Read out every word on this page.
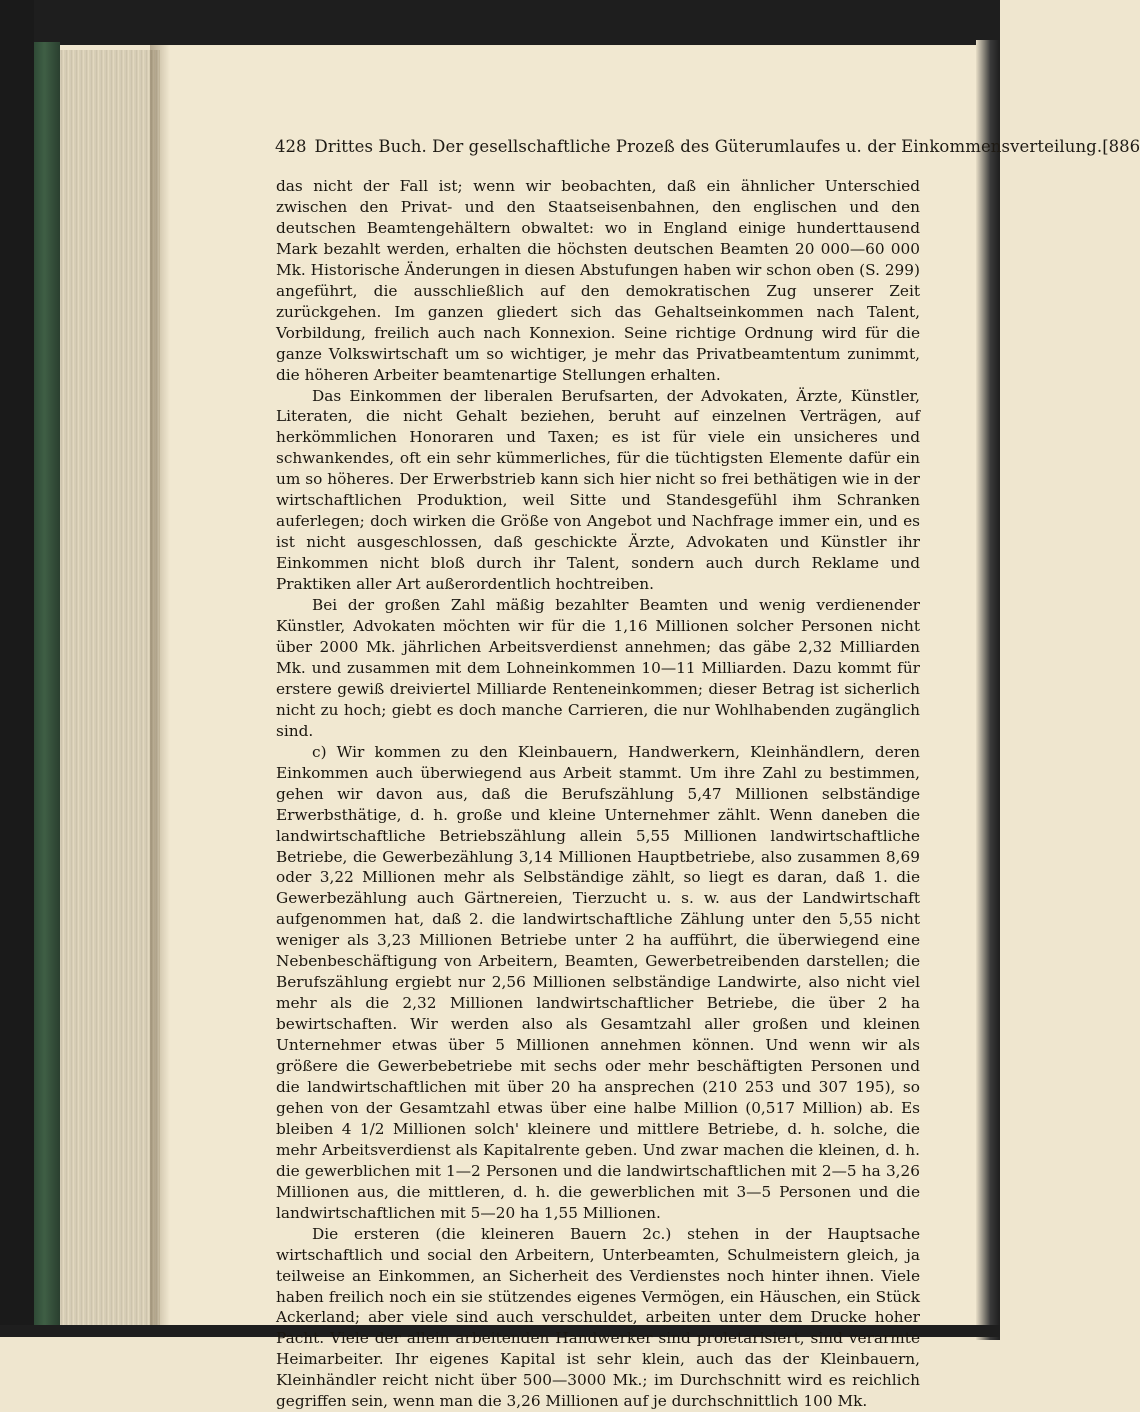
428 Drittes Buch. Der gesellschaftliche Prozeß des Güterumlaufes u. der Einkommensverteilung. [886

das nicht der Fall ist; wenn wir beobachten, daß ein ähnlicher Unterschied zwischen den Privat- und den Staatseisenbahnen, den englischen und den deutschen Beamtengehältern obwaltet: wo in England einige hunderttausend Mark bezahlt werden, erhalten die höchsten deutschen Beamten 20 000—60 000 Mk. Historische Änderungen in diesen Abstufungen haben wir schon oben (S. 299) angeführt, die ausschließlich auf den demokratischen Zug unserer Zeit zurückgehen. Im ganzen gliedert sich das Gehaltseinkommen nach Talent, Vorbildung, freilich auch nach Konnexion. Seine richtige Ordnung wird für die ganze Volkswirtschaft um so wichtiger, je mehr das Privatbeamtentum zunimmt, die höheren Arbeiter beamtenartige Stellungen erhalten.

Das Einkommen der liberalen Berufsarten, der Advokaten, Ärzte, Künstler, Literaten, die nicht Gehalt beziehen, beruht auf einzelnen Verträgen, auf herkömmlichen Honoraren und Taxen; es ist für viele ein unsicheres und schwankendes, oft ein sehr kümmerliches, für die tüchtigsten Elemente dafür ein um so höheres. Der Erwerbstrieb kann sich hier nicht so frei bethätigen wie in der wirtschaftlichen Produktion, weil Sitte und Standesgefühl ihm Schranken auferlegen; doch wirken die Größe von Angebot und Nachfrage immer ein, und es ist nicht ausgeschlossen, daß geschickte Ärzte, Advokaten und Künstler ihr Einkommen nicht bloß durch ihr Talent, sondern auch durch Reklame und Praktiken aller Art außerordentlich hochtreiben.

Bei der großen Zahl mäßig bezahlter Beamten und wenig verdienender Künstler, Advokaten möchten wir für die 1,16 Millionen solcher Personen nicht über 2000 Mk. jährlichen Arbeitsverdienst annehmen; das gäbe 2,32 Milliarden Mk. und zusammen mit dem Lohneinkommen 10—11 Milliarden. Dazu kommt für erstere gewiß dreiviertel Milliarde Renteneinkommen; dieser Betrag ist sicherlich nicht zu hoch; giebt es doch manche Carrieren, die nur Wohlhabenden zugänglich sind.

c) Wir kommen zu den Kleinbauern, Handwerkern, Kleinhändlern, deren Einkommen auch überwiegend aus Arbeit stammt. Um ihre Zahl zu bestimmen, gehen wir davon aus, daß die Berufszählung 5,47 Millionen selbständige Erwerbsthätige, d. h. große und kleine Unternehmer zählt. Wenn daneben die landwirtschaftliche Betriebszählung allein 5,55 Millionen landwirtschaftliche Betriebe, die Gewerbezählung 3,14 Millionen Hauptbetriebe, also zusammen 8,69 oder 3,22 Millionen mehr als Selbständige zählt, so liegt es daran, daß 1. die Gewerbezählung auch Gärtnereien, Tierzucht u. s. w. aus der Landwirtschaft aufgenommen hat, daß 2. die landwirtschaftliche Zählung unter den 5,55 nicht weniger als 3,23 Millionen Betriebe unter 2 ha aufführt, die überwiegend eine Nebenbeschäftigung von Arbeitern, Beamten, Gewerbetreibenden darstellen; die Berufszählung ergiebt nur 2,56 Millionen selbständige Landwirte, also nicht viel mehr als die 2,32 Millionen landwirtschaftlicher Betriebe, die über 2 ha bewirtschaften. Wir werden also als Gesamtzahl aller großen und kleinen Unternehmer etwas über 5 Millionen annehmen können. Und wenn wir als größere die Gewerbebetriebe mit sechs oder mehr beschäftigten Personen und die landwirtschaftlichen mit über 20 ha ansprechen (210 253 und 307 195), so gehen von der Gesamtzahl etwas über eine halbe Million (0,517 Million) ab. Es bleiben 4 1/2 Millionen solch' kleinere und mittlere Betriebe, d. h. solche, die mehr Arbeitsverdienst als Kapitalrente geben. Und zwar machen die kleinen, d. h. die gewerblichen mit 1—2 Personen und die landwirtschaftlichen mit 2—5 ha 3,26 Millionen aus, die mittleren, d. h. die gewerblichen mit 3—5 Personen und die landwirtschaftlichen mit 5—20 ha 1,55 Millionen.

Die ersteren (die kleineren Bauern 2c.) stehen in der Hauptsache wirtschaftlich und social den Arbeitern, Unterbeamten, Schulmeistern gleich, ja teilweise an Einkommen, an Sicherheit des Verdienstes noch hinter ihnen. Viele haben freilich noch ein sie stützendes eigenes Vermögen, ein Häuschen, ein Stück Ackerland; aber viele sind auch verschuldet, arbeiten unter dem Drucke hoher Pacht. Viele der allein arbeitenden Handwerker sind proletarisiert, sind verarmte Heimarbeiter. Ihr eigenes Kapital ist sehr klein, auch das der Kleinbauern, Kleinhändler reicht nicht über 500—3000 Mk.; im Durchschnitt wird es reichlich gegriffen sein, wenn man die 3,26 Millionen auf je durchschnittlich 100 Mk.
